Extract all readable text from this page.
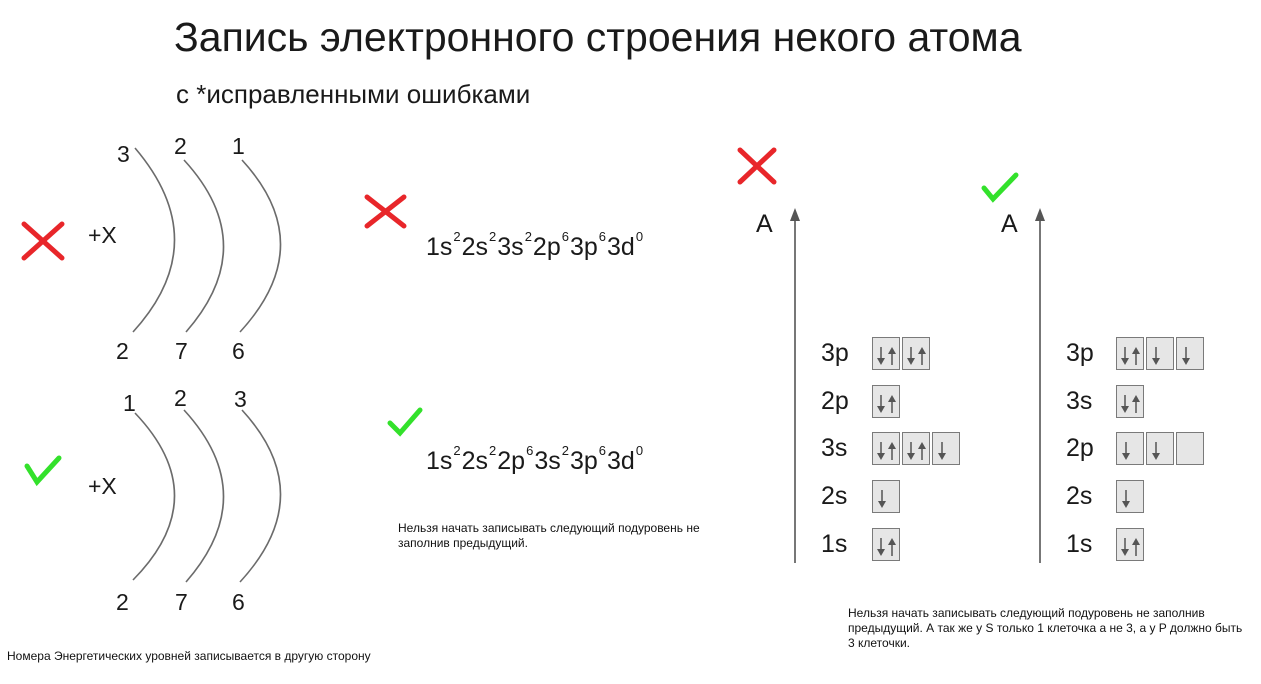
Запись электронного строения некого атома
с *исправленными ошибками
3 2 1
+X
2 7 6
1 2 3
+X
2 7 6
Номера Энергетических уровней записывается в другую сторону
$1s^22s^23s^22p^63p^63d^0$
$1s^22s^22p^63s^23p^63d^0$
Нельзя начать записывать следующий подуровень не заполнив предыдущий.
A
3p
2p
3s
2s
1s
A
3p
3s
2p
2s
1s
Нельзя начать записывать следующий подуровень не заполнив предыдущий. А так же у S только 1 клеточка а не 3, а у P должно быть 3 клеточки.
